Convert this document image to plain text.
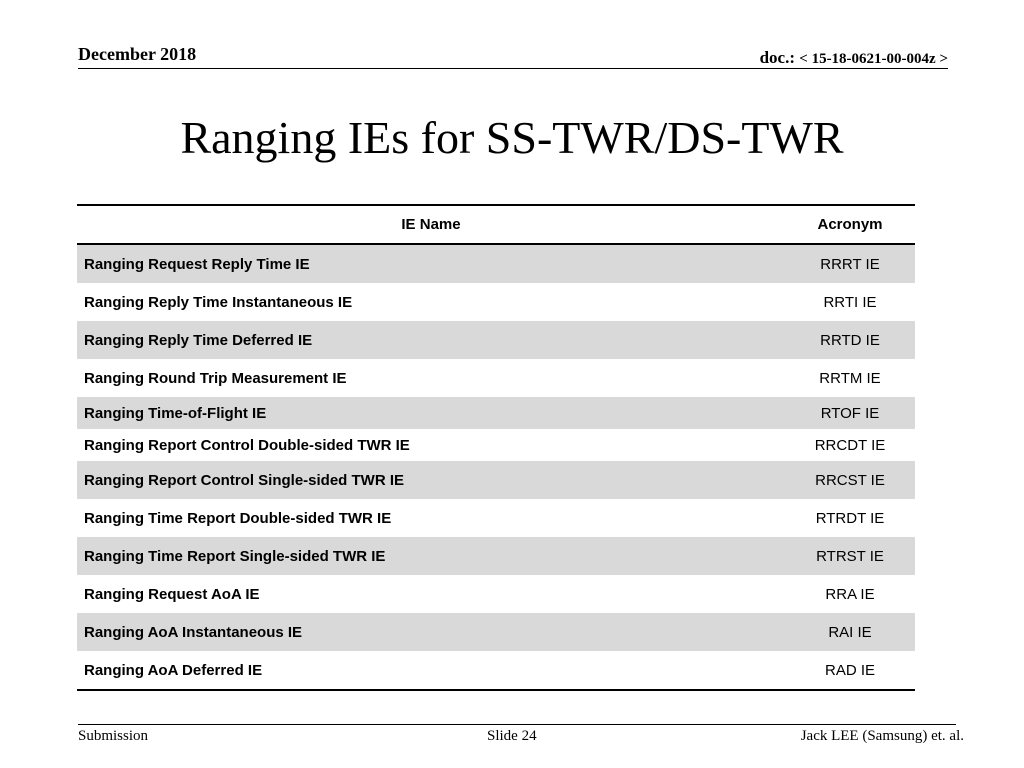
December 2018	doc.: < 15-18-0621-00-004z >
Ranging IEs for SS-TWR/DS-TWR
IE Name	Acronym
Ranging Request Reply Time IE	RRRT IE
Ranging Reply Time Instantaneous IE	RRTI IE
Ranging Reply Time Deferred IE	RRTD IE
Ranging Round Trip Measurement IE	RRTM IE
Ranging Time-of-Flight IE	RTOF IE
Ranging Report Control Double-sided TWR IE	RRCDT IE
Ranging Report Control Single-sided TWR IE	RRCST IE
Ranging Time Report Double-sided TWR IE	RTRDT IE
Ranging Time Report Single-sided TWR IE	RTRST IE
Ranging Request AoA IE	RRA IE
Ranging AoA Instantaneous IE	RAI IE
Ranging AoA Deferred IE	RAD IE
Submission	Slide 24	Jack LEE (Samsung) et. al.
